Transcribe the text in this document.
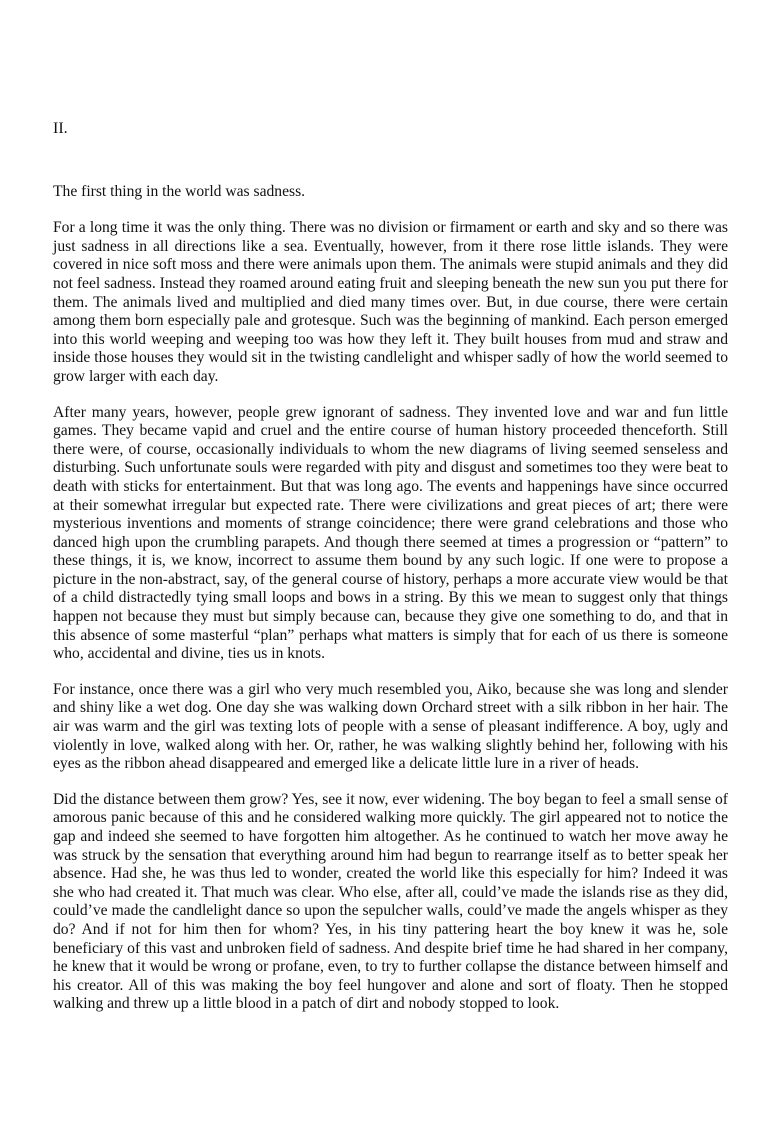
II.

The first thing in the world was sadness.

For a long time it was the only thing. There was no division or firmament or earth and sky and so there was just sadness in all directions like a sea. Eventually, however, from it there rose little islands. They were covered in nice soft moss and there were animals upon them. The animals were stupid animals and they did not feel sadness. Instead they roamed around eating fruit and sleeping beneath the new sun you put there for them. The animals lived and multiplied and died many times over. But, in due course, there were certain among them born especially pale and grotesque. Such was the beginning of mankind. Each person emerged into this world weeping and weeping too was how they left it. They built houses from mud and straw and inside those houses they would sit in the twisting candlelight and whisper sadly of how the world seemed to grow larger with each day.

After many years, however, people grew ignorant of sadness. They invented love and war and fun little games. They became vapid and cruel and the entire course of human history proceeded thenceforth. Still there were, of course, occasionally individuals to whom the new diagrams of living seemed senseless and disturbing. Such unfortunate souls were regarded with pity and disgust and sometimes too they were beat to death with sticks for entertainment. But that was long ago. The events and happenings have since occurred at their somewhat irregular but expected rate. There were civilizations and great pieces of art; there were mysterious inventions and moments of strange coincidence; there were grand celebrations and those who danced high upon the crumbling parapets. And though there seemed at times a progression or “pattern” to these things, it is, we know, incorrect to assume them bound by any such logic. If one were to propose a picture in the non-abstract, say, of the general course of history, perhaps a more accurate view would be that of a child distractedly tying small loops and bows in a string. By this we mean to suggest only that things happen not because they must but simply because can, because they give one something to do, and that in this absence of some masterful “plan” perhaps what matters is simply that for each of us there is someone who, accidental and divine, ties us in knots.

For instance, once there was a girl who very much resembled you, Aiko, because she was long and slender and shiny like a wet dog. One day she was walking down Orchard street with a silk ribbon in her hair. The air was warm and the girl was texting lots of people with a sense of pleasant indifference. A boy, ugly and violently in love, walked along with her. Or, rather, he was walking slightly behind her, following with his eyes as the ribbon ahead disappeared and emerged like a delicate little lure in a river of heads.

Did the distance between them grow? Yes, see it now, ever widening. The boy began to feel a small sense of amorous panic because of this and he considered walking more quickly. The girl appeared not to notice the gap and indeed she seemed to have forgotten him altogether. As he continued to watch her move away he was struck by the sensation that everything around him had begun to rearrange itself as to better speak her absence. Had she, he was thus led to wonder, created the world like this especially for him? Indeed it was she who had created it. That much was clear. Who else, after all, could’ve made the islands rise as they did, could’ve made the candlelight dance so upon the sepulcher walls, could’ve made the angels whisper as they do? And if not for him then for whom? Yes, in his tiny pattering heart the boy knew it was he, sole beneficiary of this vast and unbroken field of sadness. And despite brief time he had shared in her company, he knew that it would be wrong or profane, even, to try to further collapse the distance between himself and his creator. All of this was making the boy feel hungover and alone and sort of floaty. Then he stopped walking and threw up a little blood in a patch of dirt and nobody stopped to look.
